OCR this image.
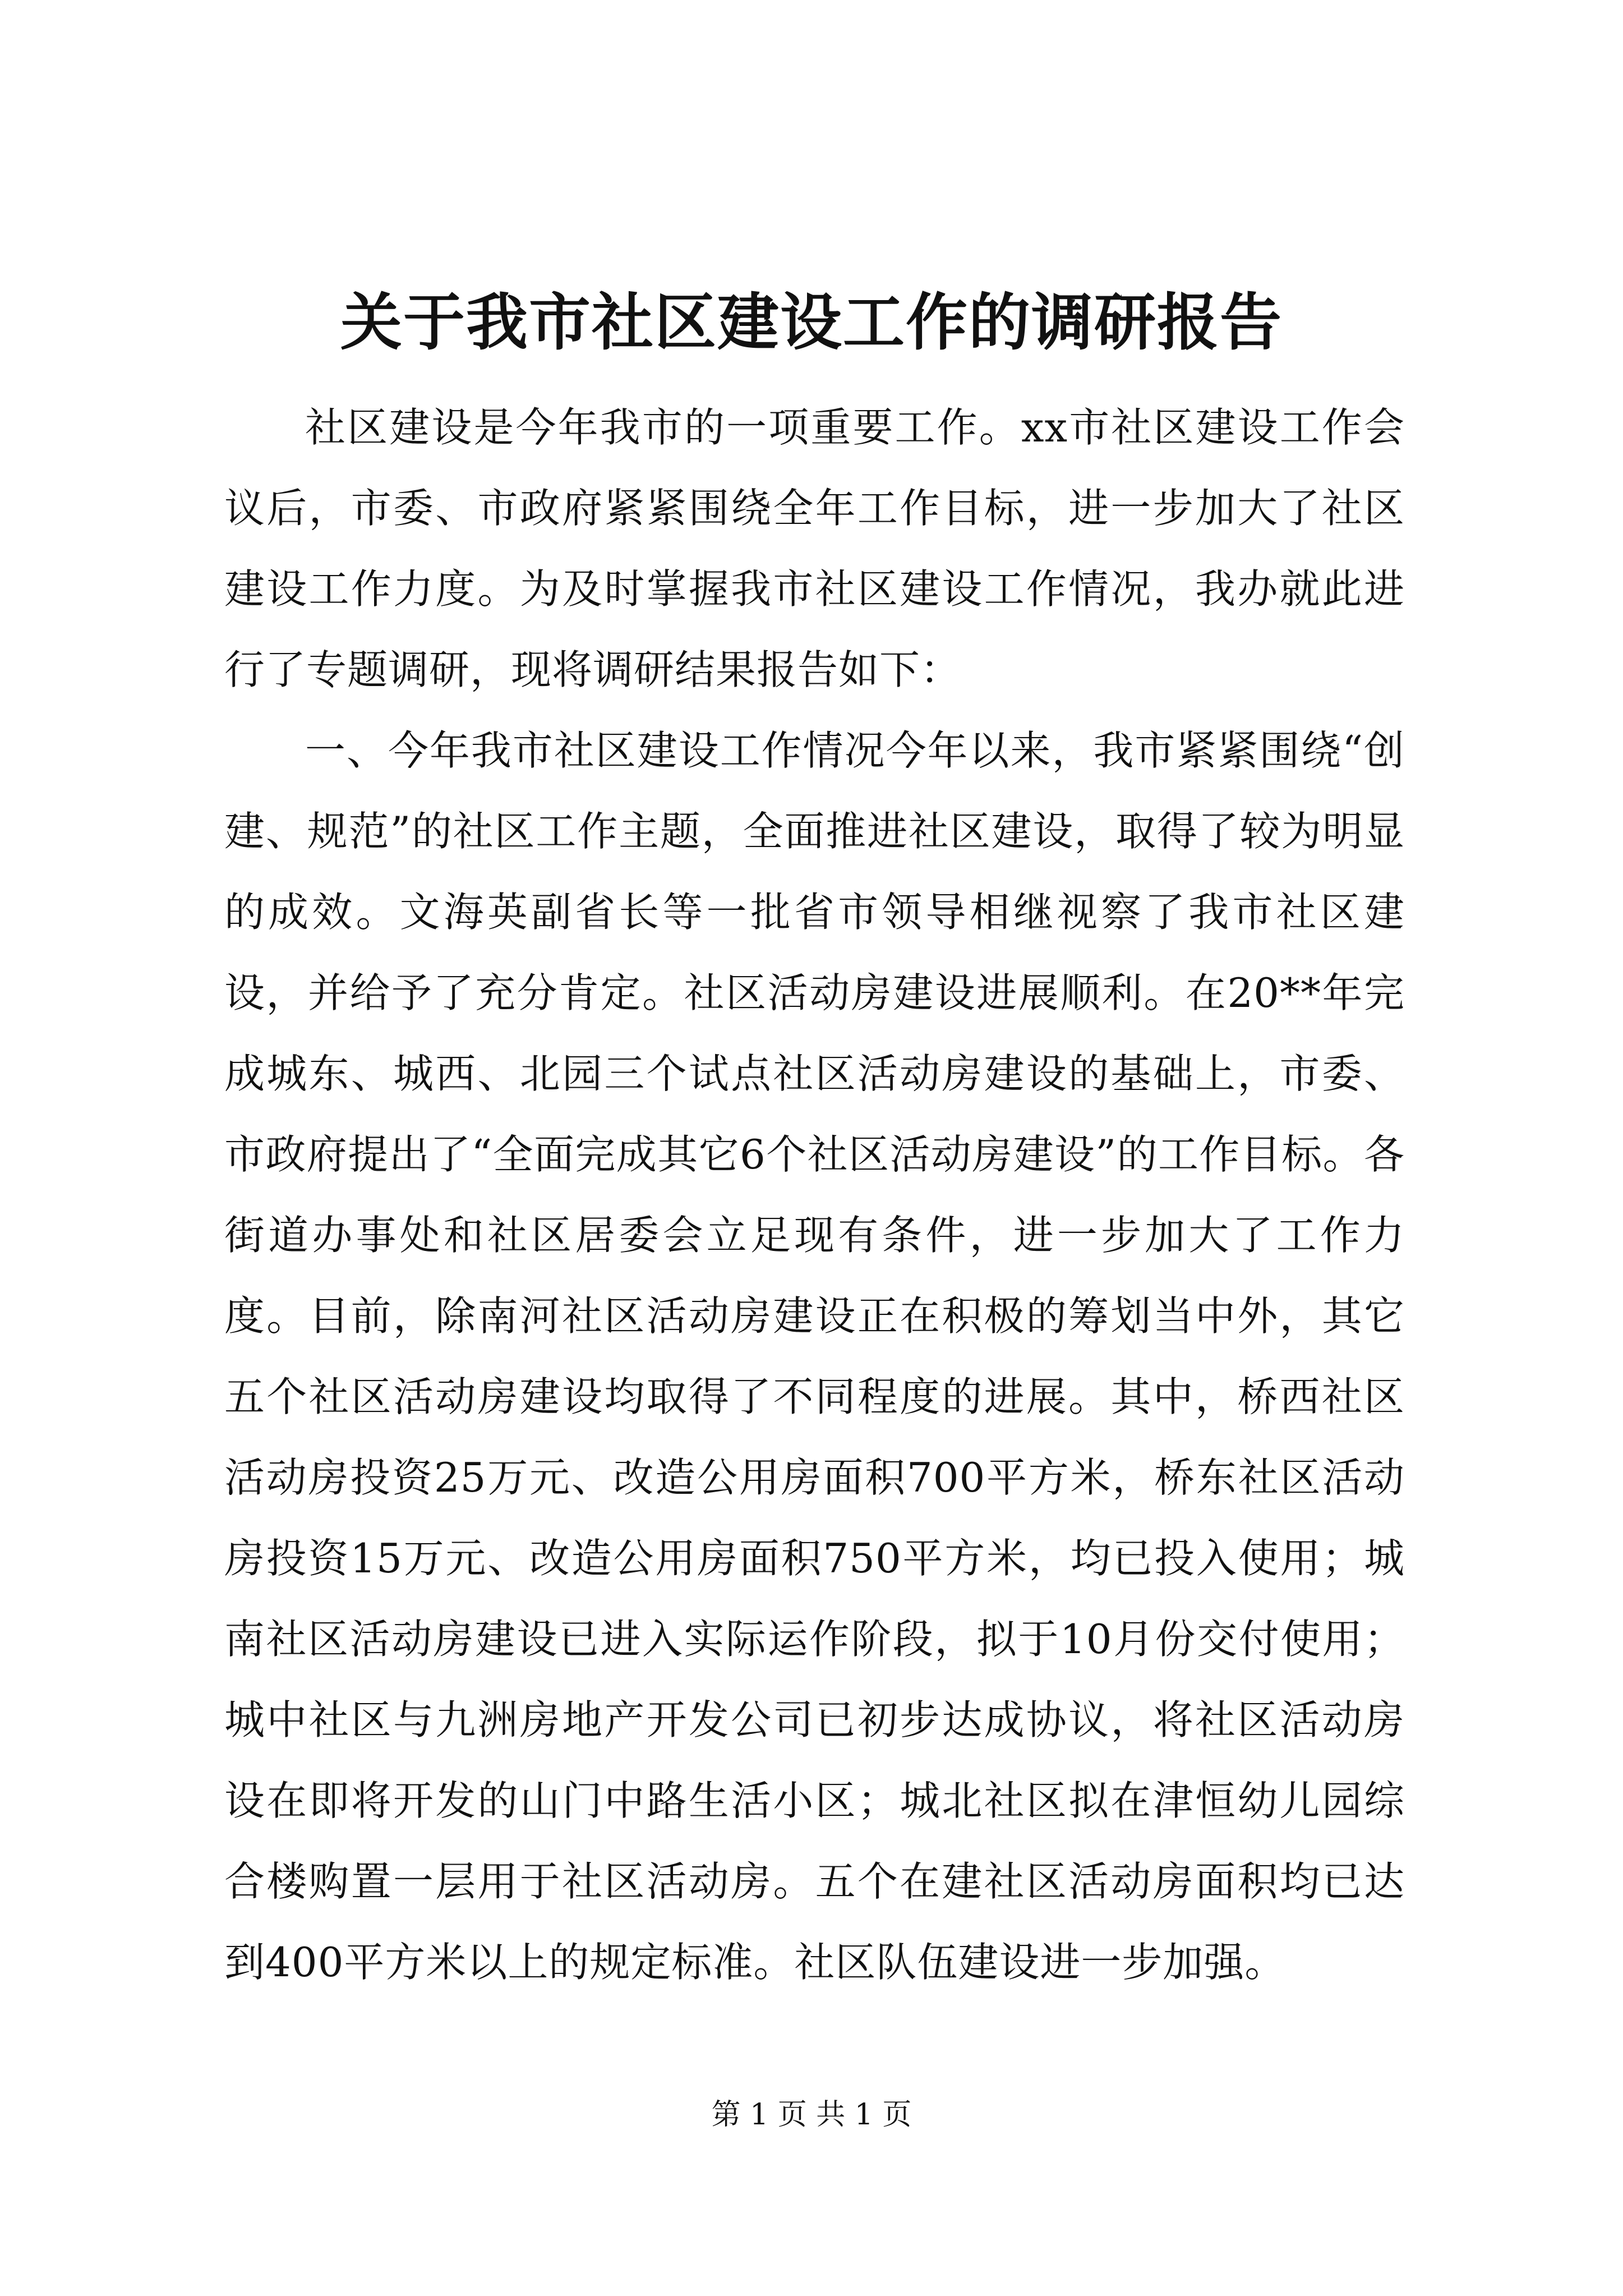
关于我市社区建设工作的调研报告

社区建设是今年我市的一项重要工作。xx市社区建设工作会议后，市委、市政府紧紧围绕全年工作目标，进一步加大了社区建设工作力度。为及时掌握我市社区建设工作情况，我办就此进行了专题调研，现将调研结果报告如下：

一、今年我市社区建设工作情况今年以来，我市紧紧围绕“创建、规范”的社区工作主题，全面推进社区建设，取得了较为明显的成效。文海英副省长等一批省市领导相继视察了我市社区建设，并给予了充分肯定。社区活动房建设进展顺利。在20**年完成城东、城西、北园三个试点社区活动房建设的基础上，市委、市政府提出了“全面完成其它6个社区活动房建设”的工作目标。各街道办事处和社区居委会立足现有条件，进一步加大了工作力度。目前，除南河社区活动房建设正在积极的筹划当中外，其它五个社区活动房建设均取得了不同程度的进展。其中，桥西社区活动房投资25万元、改造公用房面积700平方米，桥东社区活动房投资15万元、改造公用房面积750平方米，均已投入使用；城南社区活动房建设已进入实际运作阶段，拟于10月份交付使用；城中社区与九洲房地产开发公司已初步达成协议，将社区活动房设在即将开发的山门中路生活小区；城北社区拟在津恒幼儿园综合楼购置一层用于社区活动房。五个在建社区活动房面积均已达到400平方米以上的规定标准。社区队伍建设进一步加强。

第 1 页 共 1 页
